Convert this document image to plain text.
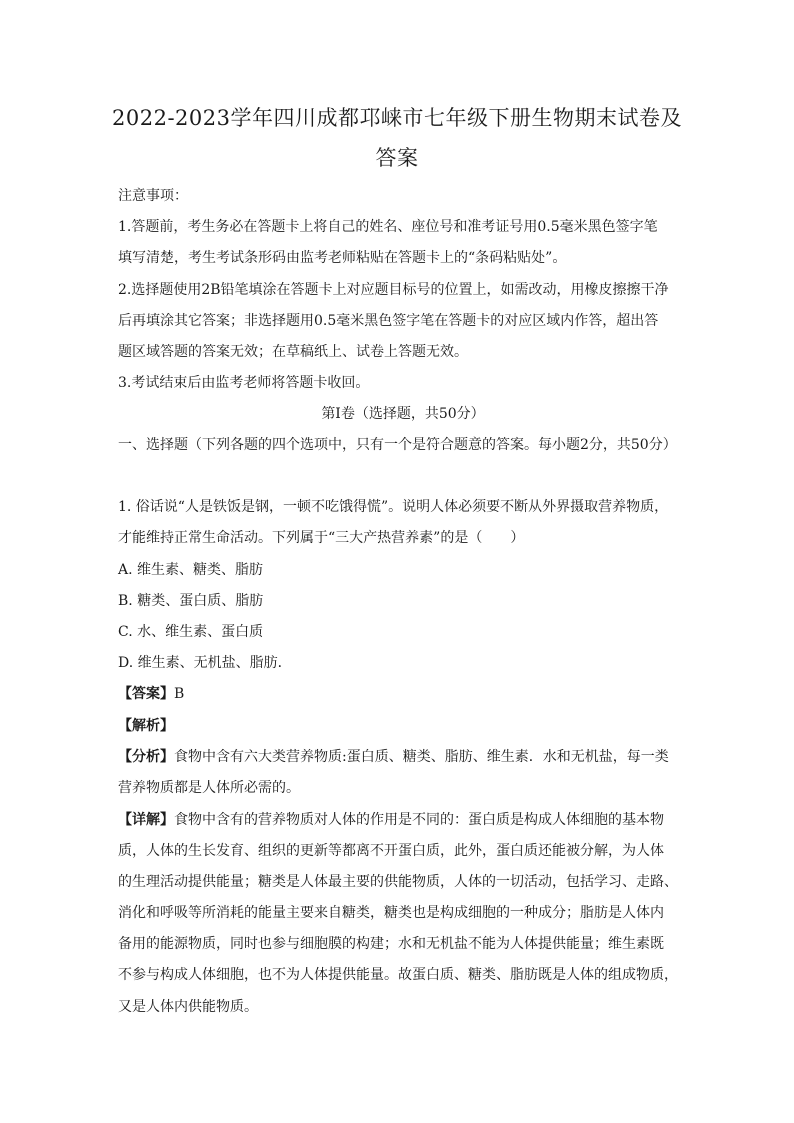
2022-2023学年四川成都邛崃市七年级下册生物期末试卷及
答案
注意事项：
1.答题前，考生务必在答题卡上将自己的姓名、座位号和准考证号用0.5毫米黑色签字笔
填写清楚，考生考试条形码由监考老师粘贴在答题卡上的“条码粘贴处”。
2.选择题使用2B铅笔填涂在答题卡上对应题目标号的位置上，如需改动，用橡皮擦擦干净
后再填涂其它答案；非选择题用0.5毫米黑色签字笔在答题卡的对应区域内作答，超出答
题区域答题的答案无效；在草稿纸上、试卷上答题无效。
3.考试结束后由监考老师将答题卡收回。
第Ⅰ卷（选择题，共50分）
一、选择题（下列各题的四个选项中，只有一个是符合题意的答案。每小题2分，共50分）
1. 俗话说“人是铁饭是钢，一顿不吃饿得慌”。说明人体必须要不断从外界摄取营养物质，
才能维持正常生命活动。下列属于“三大产热营养素”的是（　　）
A. 维生素、糖类、脂肪
B. 糖类、蛋白质、脂肪
C. 水、维生素、蛋白质
D. 维生素、无机盐、脂肪．
【答案】B
【解析】
【分析】食物中含有六大类营养物质:蛋白质、糖类、脂肪、维生素．水和无机盐，每一类
营养物质都是人体所必需的。
【详解】食物中含有的营养物质对人体的作用是不同的：蛋白质是构成人体细胞的基本物
质，人体的生长发育、组织的更新等都离不开蛋白质，此外，蛋白质还能被分解，为人体
的生理活动提供能量；糖类是人体最主要的供能物质，人体的一切活动，包括学习、走路、
消化和呼吸等所消耗的能量主要来自糖类，糖类也是构成细胞的一种成分；脂肪是人体内
备用的能源物质，同时也参与细胞膜的构建；水和无机盐不能为人体提供能量；维生素既
不参与构成人体细胞，也不为人体提供能量。故蛋白质、糖类、脂肪既是人体的组成物质，
又是人体内供能物质。
